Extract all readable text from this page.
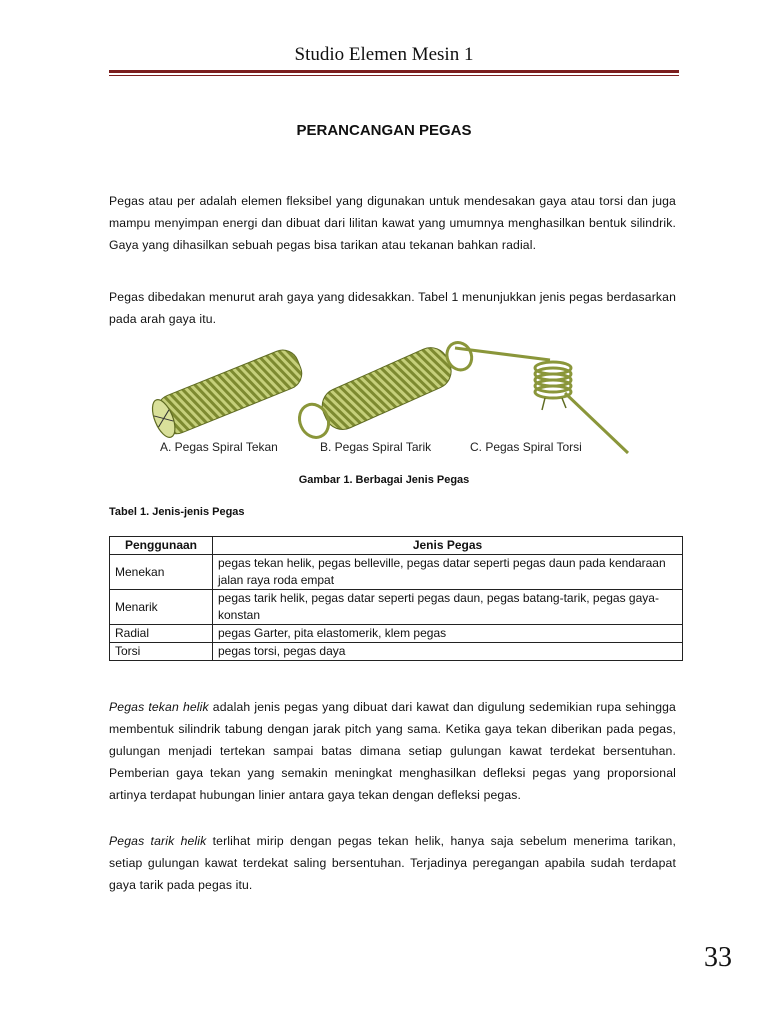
Studio Elemen Mesin 1
PERANCANGAN PEGAS

Pegas atau per adalah elemen fleksibel yang digunakan untuk mendesakan gaya atau torsi dan juga mampu menyimpan energi dan dibuat dari lilitan kawat yang umumnya menghasilkan bentuk silindrik. Gaya yang dihasilkan sebuah pegas bisa tarikan atau tekanan bahkan radial.

Pegas dibedakan menurut arah gaya yang didesakkan. Tabel 1 menunjukkan jenis pegas berdasarkan pada arah gaya itu.

A. Pegas Spiral Tekan	B. Pegas Spiral Tarik	C. Pegas Spiral Torsi
Gambar 1. Berbagai Jenis Pegas
Tabel 1. Jenis-jenis Pegas
Penggunaan	Jenis Pegas
Menekan	pegas tekan helik, pegas belleville, pegas datar seperti pegas daun pada kendaraan jalan raya roda empat
Menarik	pegas tarik helik, pegas datar seperti pegas daun, pegas batang-tarik, pegas gaya-konstan
Radial	pegas Garter, pita elastomerik, klem pegas
Torsi	pegas torsi, pegas daya

Pegas tekan helik adalah jenis pegas yang dibuat dari kawat dan digulung sedemikian rupa sehingga membentuk silindrik tabung dengan jarak pitch yang sama. Ketika gaya tekan diberikan pada pegas, gulungan menjadi tertekan sampai batas dimana setiap gulungan kawat terdekat bersentuhan. Pemberian gaya tekan yang semakin meningkat menghasilkan defleksi pegas yang proporsional artinya terdapat hubungan linier antara gaya tekan dengan defleksi pegas.

Pegas tarik helik terlihat mirip dengan pegas tekan helik, hanya saja sebelum menerima tarikan, setiap gulungan kawat terdekat saling bersentuhan. Terjadinya peregangan apabila sudah terdapat gaya tarik pada pegas itu.

33
